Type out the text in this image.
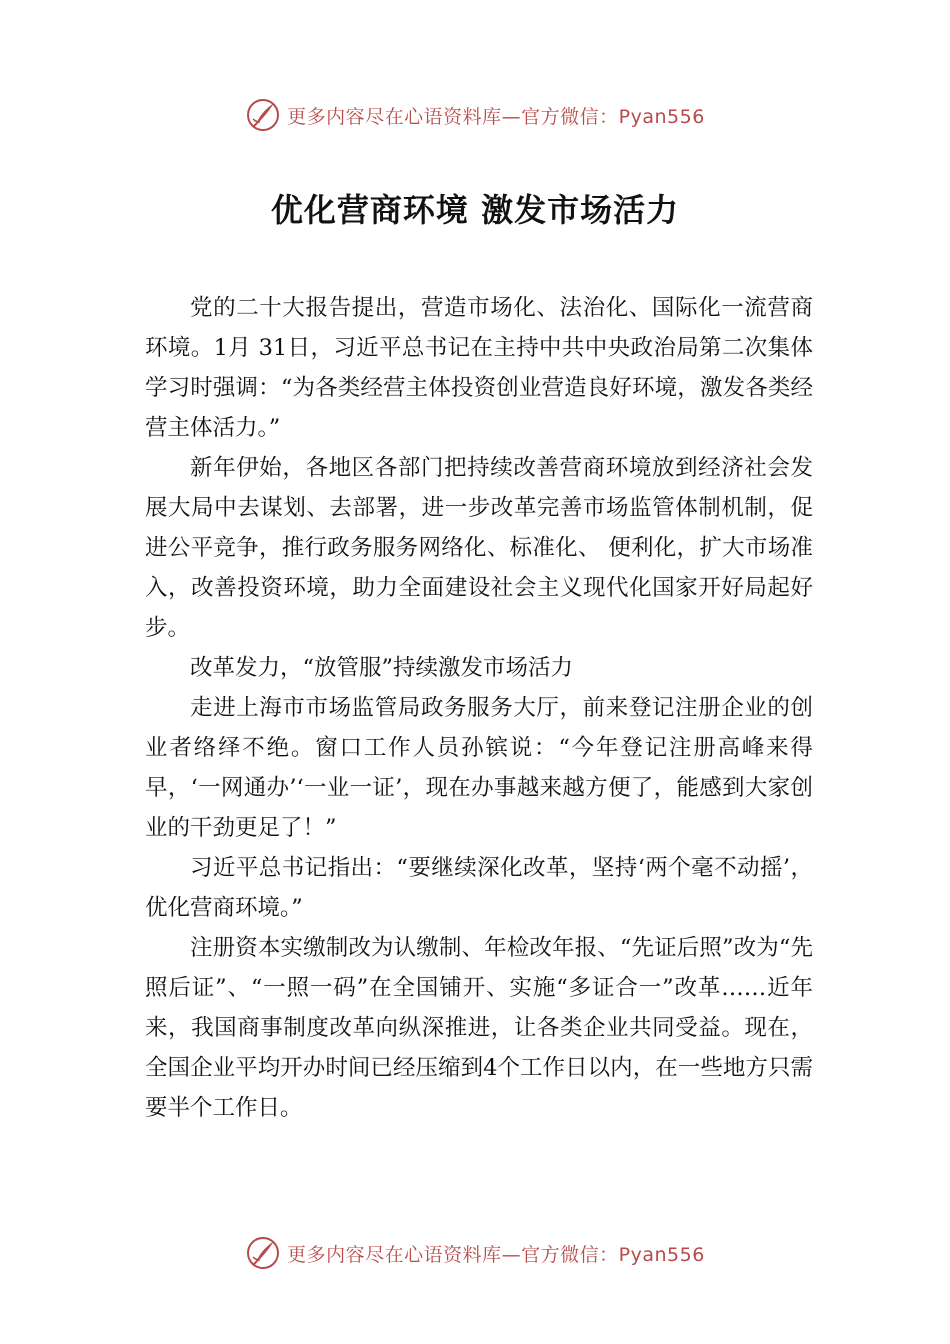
更多内容尽在心语资料库—官方微信：Pyan556
优化营商环境 激发市场活力

党的二十大报告提出，营造市场化、法治化、国际化一流营商环境。1月 31日，习近平总书记在主持中共中央政治局第二次集体学习时强调：“为各类经营主体投资创业营造良好环境，激发各类经营主体活力。”

新年伊始，各地区各部门把持续改善营商环境放到经济社会发展大局中去谋划、去部署，进一步改革完善市场监管体制机制，促进公平竞争，推行政务服务网络化、标准化、 便利化，扩大市场准入，改善投资环境，助力全面建设社会主义现代化国家开好局起好步。

改革发力，“放管服”持续激发市场活力

走进上海市市场监管局政务服务大厅，前来登记注册企业的创业者络绎不绝。窗口工作人员孙镔说：“今年登记注册高峰来得早，‘一网通办’‘一业一证’，现在办事越来越方便了，能感到大家创业的干劲更足了！”

习近平总书记指出：“要继续深化改革，坚持‘两个毫不动摇’，优化营商环境。”

注册资本实缴制改为认缴制、年检改年报、“先证后照”改为“先照后证”、“一照一码”在全国铺开、实施“多证合一”改革……近年来，我国商事制度改革向纵深推进，让各类企业共同受益。现在，全国企业平均开办时间已经压缩到4个工作日以内，在一些地方只需要半个工作日。

更多内容尽在心语资料库—官方微信：Pyan556
